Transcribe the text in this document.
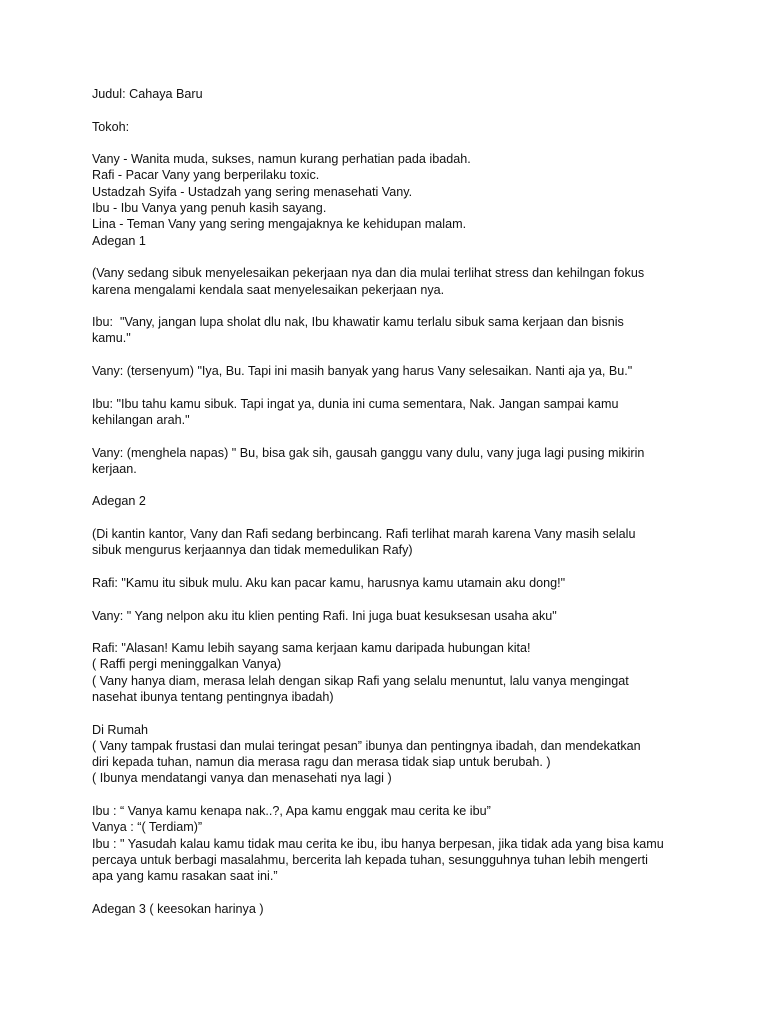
Judul: Cahaya Baru
Tokoh:
Vany - Wanita muda, sukses, namun kurang perhatian pada ibadah.
Rafi - Pacar Vany yang berperilaku toxic.
Ustadzah Syifa - Ustadzah yang sering menasehati Vany.
Ibu - Ibu Vanya yang penuh kasih sayang.
Lina - Teman Vany yang sering mengajaknya ke kehidupan malam.
Adegan 1
(Vany sedang sibuk menyelesaikan pekerjaan nya dan dia mulai terlihat stress dan kehilngan fokus
karena mengalami kendala saat menyelesaikan pekerjaan nya.
Ibu:  "Vany, jangan lupa sholat dlu nak, Ibu khawatir kamu terlalu sibuk sama kerjaan dan bisnis
kamu."
Vany: (tersenyum) "Iya, Bu. Tapi ini masih banyak yang harus Vany selesaikan. Nanti aja ya, Bu."
Ibu: "Ibu tahu kamu sibuk. Tapi ingat ya, dunia ini cuma sementara, Nak. Jangan sampai kamu
kehilangan arah."
Vany: (menghela napas) " Bu, bisa gak sih, gausah ganggu vany dulu, vany juga lagi pusing mikirin
kerjaan.
Adegan 2
(Di kantin kantor, Vany dan Rafi sedang berbincang. Rafi terlihat marah karena Vany masih selalu
sibuk mengurus kerjaannya dan tidak memedulikan Rafy)
Rafi: "Kamu itu sibuk mulu. Aku kan pacar kamu, harusnya kamu utamain aku dong!"
Vany: " Yang nelpon aku itu klien penting Rafi. Ini juga buat kesuksesan usaha aku"
Rafi: "Alasan! Kamu lebih sayang sama kerjaan kamu daripada hubungan kita!
( Raffi pergi meninggalkan Vanya)
( Vany hanya diam, merasa lelah dengan sikap Rafi yang selalu menuntut, lalu vanya mengingat
nasehat ibunya tentang pentingnya ibadah)
Di Rumah
( Vany tampak frustasi dan mulai teringat pesan” ibunya dan pentingnya ibadah, dan mendekatkan
diri kepada tuhan, namun dia merasa ragu dan merasa tidak siap untuk berubah. )
( Ibunya mendatangi vanya dan menasehati nya lagi )
Ibu : “ Vanya kamu kenapa nak..?, Apa kamu enggak mau cerita ke ibu”
Vanya : “( Terdiam)”
Ibu : " Yasudah kalau kamu tidak mau cerita ke ibu, ibu hanya berpesan, jika tidak ada yang bisa kamu
percaya untuk berbagi masalahmu, bercerita lah kepada tuhan, sesungguhnya tuhan lebih mengerti
apa yang kamu rasakan saat ini.”
Adegan 3 ( keesokan harinya )
